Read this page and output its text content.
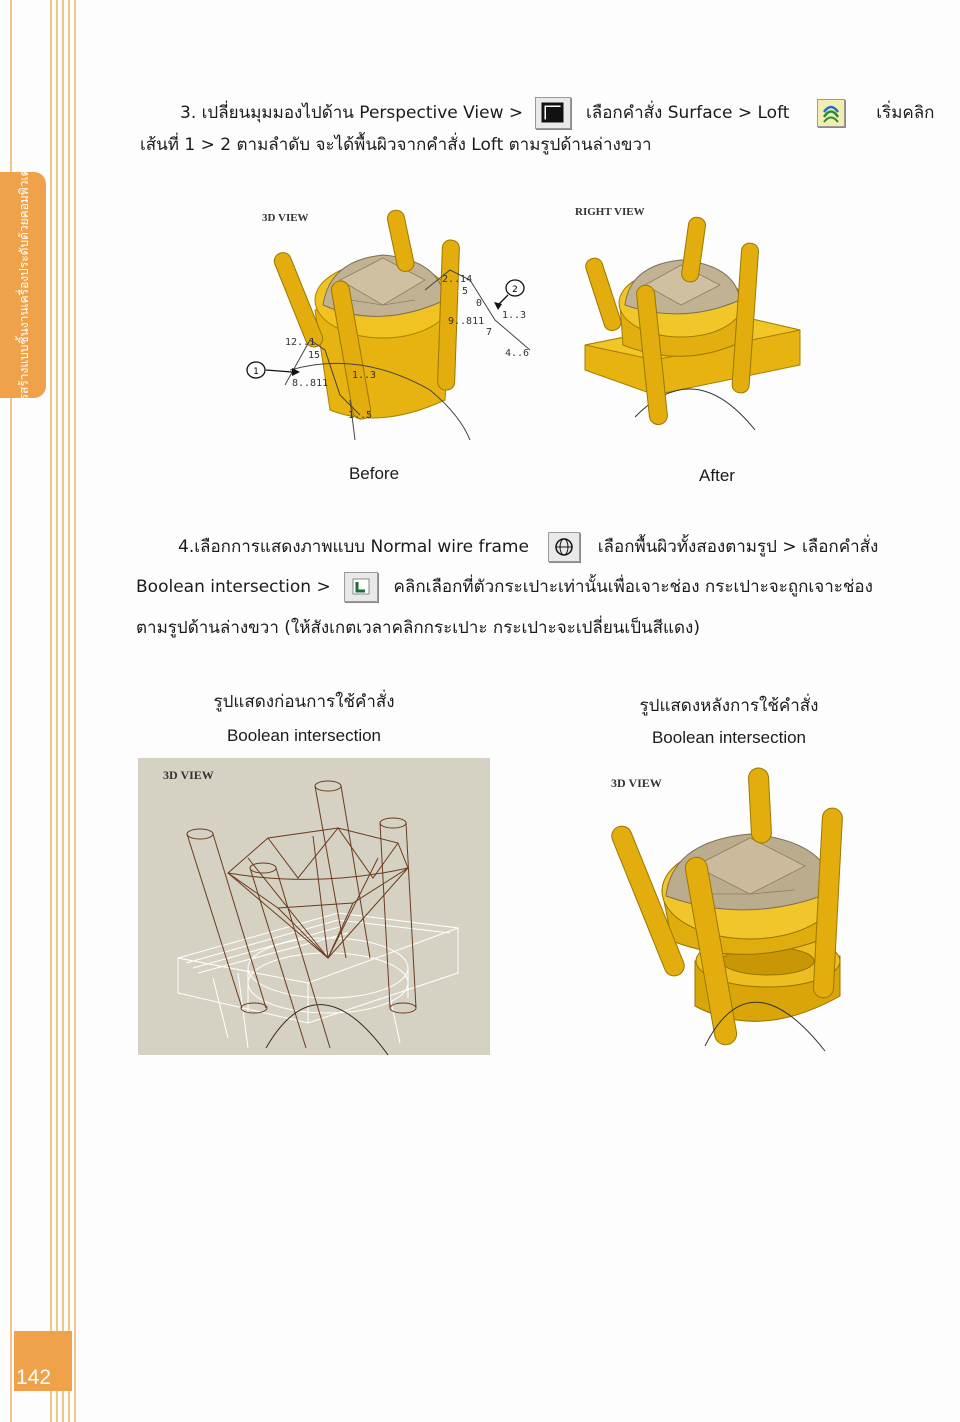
การสร้างแบบชิ้นงานเครื่องประดับด้วยคอมพิวเตอร์
142
3. เปลี่ยนมุมมองไปด้าน Perspective View >	เลือกคำสั่ง Surface > Loft	เริ่มคลิก
เส้นที่ 1 > 2 ตามลำดับ จะได้พื้นผิวจากคำสั่ง Loft ตามรูปด้านล่างขวา
3D VIEW
1
2
2..14
5
0
1..3
9..811
7
4..6
12..1
15
8..811
1..3
1..5
RIGHT VIEW
Before	After
4.เลือกการแสดงภาพแบบ Normal wire frame	เลือกพื้นผิวทั้งสองตามรูป > เลือกคำสั่ง
Boolean intersection >	คลิกเลือกที่ตัวกระเปาะเท่านั้นเพื่อเจาะช่อง กระเปาะจะถูกเจาะช่อง
ตามรูปด้านล่างขวา (ให้สังเกตเวลาคลิกกระเปาะ กระเปาะจะเปลี่ยนเป็นสีแดง)
รูปแสดงก่อนการใช้คำสั่ง
Boolean intersection
รูปแสดงหลังการใช้คำสั่ง
Boolean intersection
3D VIEW
3D VIEW
